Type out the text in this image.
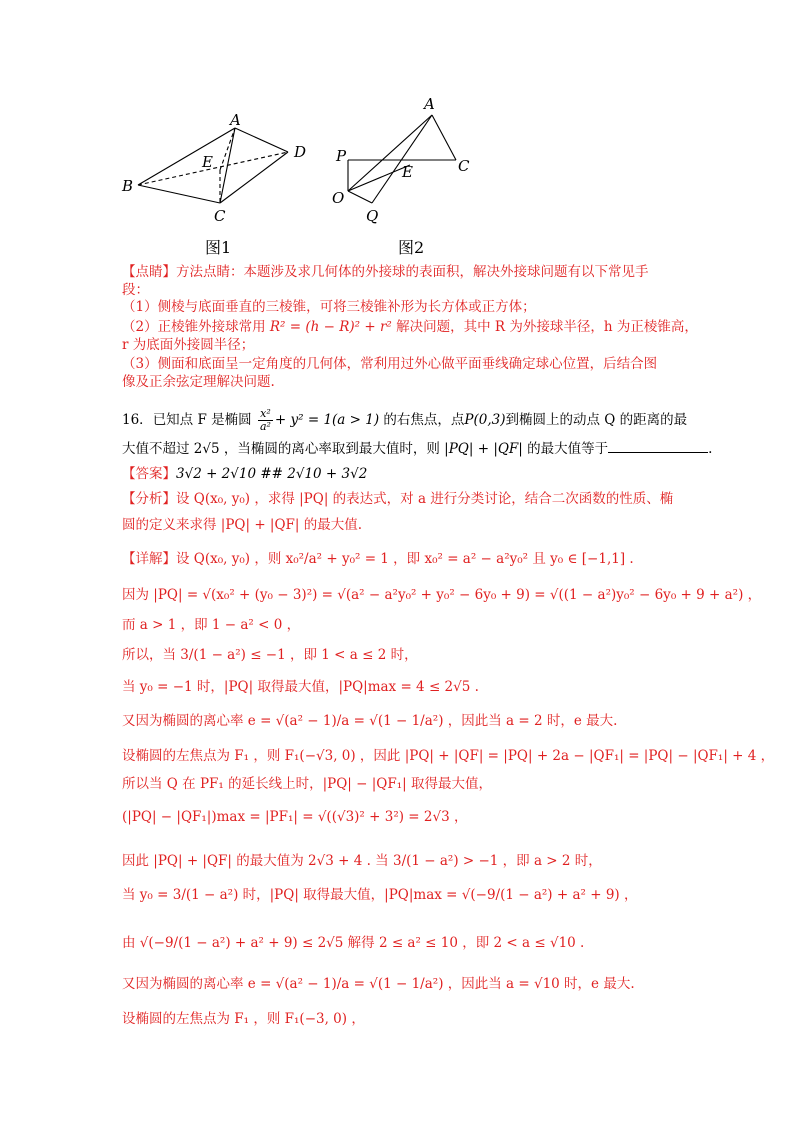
A
B
C
D
E
A
P
E	C
O
Q
图1	图2
【点睛】方法点睛：本题涉及求几何体的外接球的表面积，解决外接球问题有以下常见手
段：
（1）侧棱与底面垂直的三棱锥，可将三棱锥补形为长方体或正方体；
（2）正棱锥外接球常用 R² = (h − R)² + r² 解决问题，其中 R 为外接球半径，h 为正棱锥高，
r 为底面外接圆半径；
（3）侧面和底面呈一定角度的几何体，常利用过外心做平面垂线确定球心位置，后结合图
像及正余弦定理解决问题.
16．已知点 F 是椭圆 $\frac{\text{x²}}{\text{a²}} + y^2 = 1(a > 1)$ 的右焦点，点P(0,3)到椭圆上的动点 Q 的距离的最
大值不超过 2√5 ，当椭圆的离心率取到最大值时，则 |PQ| + |QF| 的最大值等于	.
【答案】3√2 + 2√10 ## 2√10 + 3√2
【分析】设 Q(x₀, y₀) ，求得 |PQ| 的表达式，对 a 进行分类讨论，结合二次函数的性质、椭
圆的定义来求得 |PQ| + |QF| 的最大值.
【详解】设 Q(x₀, y₀) ，则 x₀²/a² + y₀² = 1 ，即 x₀² = a² − a²y₀² 且 y₀ ∈ [−1,1] .
因为 |PQ| = √(x₀² + (y₀ − 3)²) = √(a² − a²y₀² + y₀² − 6y₀ + 9) = √((1 − a²)y₀² − 6y₀ + 9 + a²) ，
而 a > 1 ，即 1 − a² < 0 ，
所以，当 3/(1 − a²) ≤ −1 ，即 1 < a ≤ 2 时，
当 y₀ = −1 时，|PQ| 取得最大值，|PQ|max = 4 ≤ 2√5 .
又因为椭圆的离心率 e = √(a² − 1)/a = √(1 − 1/a²) ，因此当 a = 2 时，e 最大.
设椭圆的左焦点为 F₁ ，则 F₁(−√3, 0) ，因此 |PQ| + |QF| = |PQ| + 2a − |QF₁| = |PQ| − |QF₁| + 4 ，
所以当 Q 在 PF₁ 的延长线上时，|PQ| − |QF₁| 取得最大值，
(|PQ| − |QF₁|)max = |PF₁| = √((√3)² + 3²) = 2√3 ，
因此 |PQ| + |QF| 的最大值为 2√3 + 4 . 当 3/(1 − a²) > −1 ，即 a > 2 时，
当 y₀ = 3/(1 − a²) 时，|PQ| 取得最大值，|PQ|max = √(−9/(1 − a²) + a² + 9) ，
由 √(−9/(1 − a²) + a² + 9) ≤ 2√5 解得 2 ≤ a² ≤ 10 ，即 2 < a ≤ √10 .
又因为椭圆的离心率 e = √(a² − 1)/a = √(1 − 1/a²) ，因此当 a = √10 时，e 最大.
设椭圆的左焦点为 F₁ ，则 F₁(−3, 0) ，
